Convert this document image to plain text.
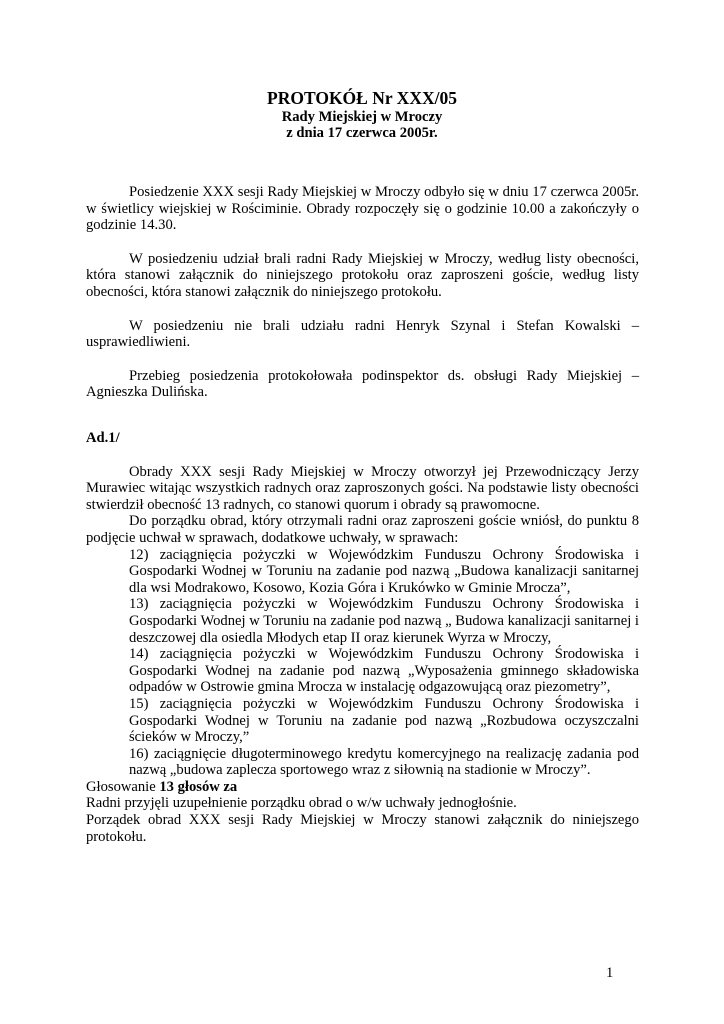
PROTOKÓŁ Nr XXX/05
Rady Miejskiej w Mroczy
z dnia 17 czerwca 2005r.

Posiedzenie XXX sesji Rady Miejskiej w Mroczy odbyło się w dniu 17 czerwca 2005r. w świetlicy wiejskiej w Rościminie. Obrady rozpoczęły się o godzinie 10.00 a zakończyły o godzinie 14.30.

W posiedzeniu udział brali radni Rady Miejskiej w Mroczy, według listy obecności, która stanowi załącznik do niniejszego protokołu oraz zaproszeni goście, według listy obecności, która stanowi załącznik do niniejszego protokołu.

W posiedzeniu nie brali udziału radni Henryk Szynal i Stefan Kowalski – usprawiedliwieni.

Przebieg posiedzenia protokołowała podinspektor ds. obsługi Rady Miejskiej – Agnieszka Dulińska.

Ad.1/

Obrady XXX sesji Rady Miejskiej w Mroczy otworzył jej Przewodniczący Jerzy Murawiec witając wszystkich radnych oraz zaproszonych gości. Na podstawie listy obecności stwierdził obecność 13 radnych, co stanowi quorum i obrady są prawomocne.

Do porządku obrad, który otrzymali radni oraz zaproszeni goście wniósł, do punktu 8 podjęcie uchwał w sprawach, dodatkowe uchwały, w sprawach:

12) zaciągnięcia pożyczki w Wojewódzkim Funduszu Ochrony Środowiska i Gospodarki Wodnej w Toruniu na zadanie pod nazwą „Budowa kanalizacji sanitarnej dla wsi Modrakowo, Kosowo, Kozia Góra i Krukówko w Gminie Mrocza”,
13) zaciągnięcia pożyczki w Wojewódzkim Funduszu Ochrony Środowiska i Gospodarki Wodnej w Toruniu na zadanie pod nazwą „ Budowa kanalizacji sanitarnej i deszczowej dla osiedla Młodych etap II oraz kierunek Wyrza w Mroczy,
14) zaciągnięcia pożyczki w Wojewódzkim Funduszu Ochrony Środowiska i Gospodarki Wodnej na zadanie pod nazwą „Wyposażenia gminnego składowiska odpadów w Ostrowie gmina Mrocza w instalację odgazowującą oraz piezometry”,
15) zaciągnięcia pożyczki w Wojewódzkim Funduszu Ochrony Środowiska i Gospodarki Wodnej w Toruniu na zadanie pod nazwą „Rozbudowa oczyszczalni ścieków w Mroczy,”
16) zaciągnięcie długoterminowego kredytu komercyjnego na realizację zadania pod nazwą „budowa zaplecza sportowego wraz z siłownią na stadionie w Mroczy”.

Głosowanie 13 głosów za

Radni przyjęli uzupełnienie porządku obrad o w/w uchwały jednogłośnie.

Porządek obrad XXX sesji Rady Miejskiej w Mroczy stanowi załącznik do niniejszego protokołu.

1
